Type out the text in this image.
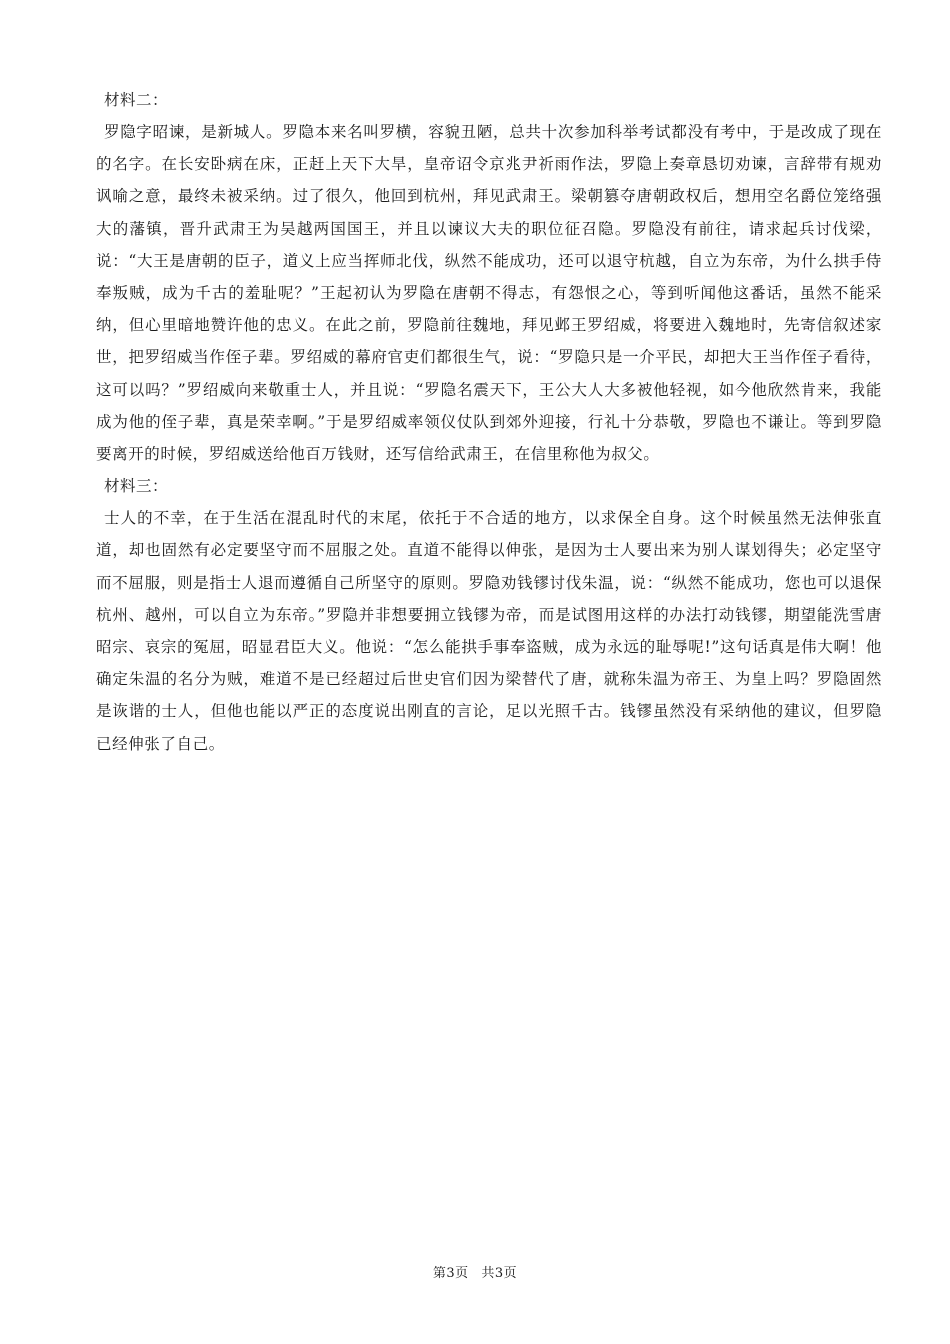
材料二：

罗隐字昭谏，是新城人。罗隐本来名叫罗横，容貌丑陋，总共十次参加科举考试都没有考中，于是改成了现在的名字。在长安卧病在床，正赶上天下大旱，皇帝诏令京兆尹祈雨作法，罗隐上奏章恳切劝谏，言辞带有规劝讽喻之意，最终未被采纳。过了很久，他回到杭州，拜见武肃王。梁朝篡夺唐朝政权后，想用空名爵位笼络强大的藩镇，晋升武肃王为吴越两国国王，并且以谏议大夫的职位征召隐。罗隐没有前往，请求起兵讨伐梁，说：“大王是唐朝的臣子，道义上应当挥师北伐，纵然不能成功，还可以退守杭越，自立为东帝，为什么拱手侍奉叛贼，成为千古的羞耻呢？”王起初认为罗隐在唐朝不得志，有怨恨之心，等到听闻他这番话，虽然不能采纳，但心里暗地赞许他的忠义。在此之前，罗隐前往魏地，拜见邺王罗绍威，将要进入魏地时，先寄信叙述家世，把罗绍威当作侄子辈。罗绍威的幕府官吏们都很生气，说：“罗隐只是一介平民，却把大王当作侄子看待，这可以吗？”罗绍威向来敬重士人，并且说：“罗隐名震天下，王公大人大多被他轻视，如今他欣然肯来，我能成为他的侄子辈，真是荣幸啊。”于是罗绍威率领仪仗队到郊外迎接，行礼十分恭敬，罗隐也不谦让。等到罗隐要离开的时候，罗绍威送给他百万钱财，还写信给武肃王，在信里称他为叔父。

材料三：

士人的不幸，在于生活在混乱时代的末尾，依托于不合适的地方，以求保全自身。这个时候虽然无法伸张直道，却也固然有必定要坚守而不屈服之处。直道不能得以伸张，是因为士人要出来为别人谋划得失；必定坚守而不屈服，则是指士人退而遵循自己所坚守的原则。罗隐劝钱镠讨伐朱温，说：“纵然不能成功，您也可以退保杭州、越州，可以自立为东帝。”罗隐并非想要拥立钱镠为帝，而是试图用这样的办法打动钱镠，期望能洗雪唐昭宗、哀宗的冤屈，昭显君臣大义。他说：“怎么能拱手事奉盗贼，成为永远的耻辱呢!”这句话真是伟大啊！他确定朱温的名分为贼，难道不是已经超过后世史官们因为梁替代了唐，就称朱温为帝王、为皇上吗？罗隐固然是诙谐的士人，但他也能以严正的态度说出刚直的言论，足以光照千古。钱镠虽然没有采纳他的建议，但罗隐已经伸张了自己。

第3页 共3页
